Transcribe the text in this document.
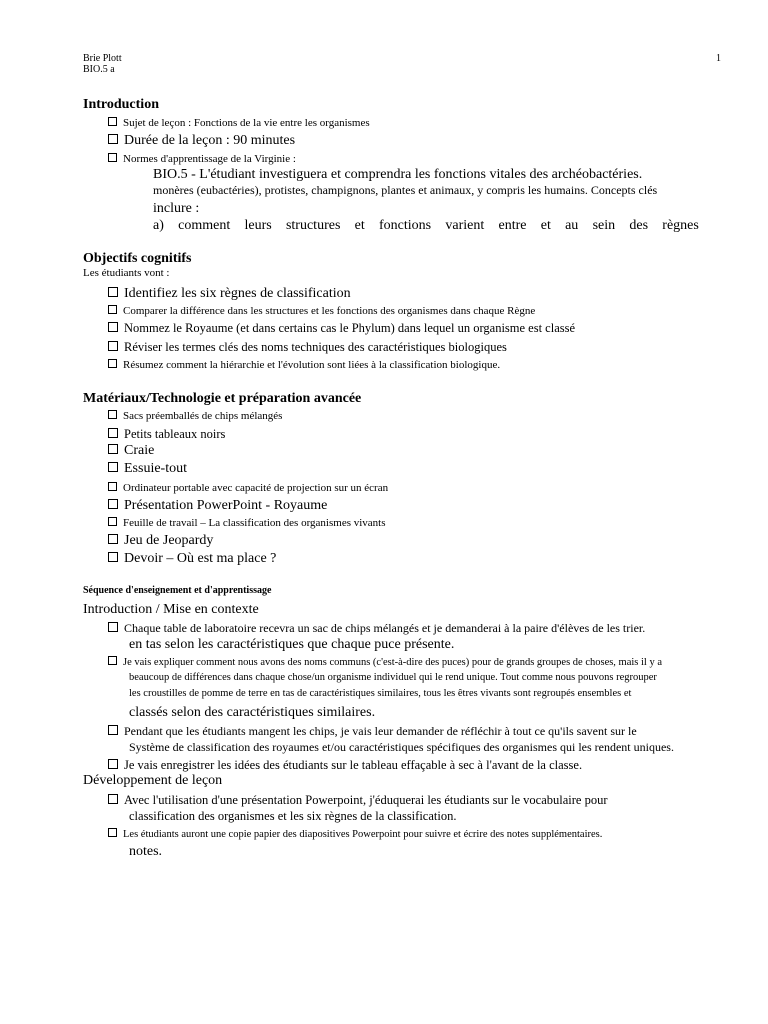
Brie Plott
BIO.5 a
1
Introduction
Sujet de leçon : Fonctions de la vie entre les organismes
Durée de la leçon : 90 minutes
Normes d'apprentissage de la Virginie :
BIO.5 - L'étudiant investiguera et comprendra les fonctions vitales des archéobactéries.
monères (eubactéries), protistes, champignons, plantes et animaux, y compris les humains. Concepts clés
inclure :
a) comment leurs structures et fonctions varient entre et au sein des règnes
Objectifs cognitifs
Les étudiants vont :
Identifiez les six règnes de classification
Comparer la différence dans les structures et les fonctions des organismes dans chaque Règne
Nommez le Royaume (et dans certains cas le Phylum) dans lequel un organisme est classé
Réviser les termes clés des noms techniques des caractéristiques biologiques
Résumez comment la hiérarchie et l'évolution sont liées à la classification biologique.
Matériaux/Technologie et préparation avancée
Sacs préemballés de chips mélangés
Petits tableaux noirs
Craie
Essuie-tout
Ordinateur portable avec capacité de projection sur un écran
Présentation PowerPoint - Royaume
Feuille de travail – La classification des organismes vivants
Jeu de Jeopardy
Devoir – Où est ma place ?
Séquence d'enseignement et d'apprentissage
Introduction / Mise en contexte
Chaque table de laboratoire recevra un sac de chips mélangés et je demanderai à la paire d'élèves de les trier.
en tas selon les caractéristiques que chaque puce présente.
Je vais expliquer comment nous avons des noms communs (c'est-à-dire des puces) pour de grands groupes de choses, mais il y a
beaucoup de différences dans chaque chose/un organisme individuel qui le rend unique. Tout comme nous pouvons regrouper
les croustilles de pomme de terre en tas de caractéristiques similaires, tous les êtres vivants sont regroupés ensembles et
classés selon des caractéristiques similaires.
Pendant que les étudiants mangent les chips, je vais leur demander de réfléchir à tout ce qu'ils savent sur le
Système de classification des royaumes et/ou caractéristiques spécifiques des organismes qui les rendent uniques.
Je vais enregistrer les idées des étudiants sur le tableau effaçable à sec à l'avant de la classe.
Développement de leçon
Avec l'utilisation d'une présentation Powerpoint, j'éduquerai les étudiants sur le vocabulaire pour
classification des organismes et les six règnes de la classification.
Les étudiants auront une copie papier des diapositives Powerpoint pour suivre et écrire des notes supplémentaires.
notes.
